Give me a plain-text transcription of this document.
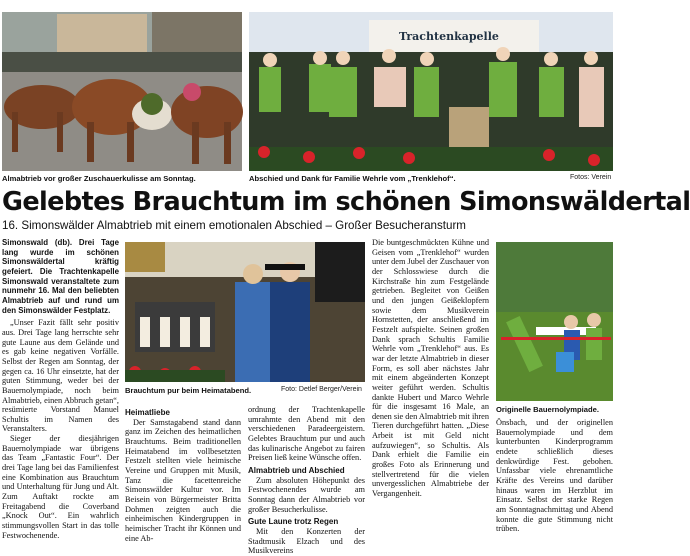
Almabtrieb vor großer Zuschauerkulisse am Sonntag.
Trachtenkapelle
Abschied und Dank für Familie Wehrle vom „Trenklehof“.	Fotos: Verein
Gelebtes Brauchtum im schönen Simonswäldertal
16. Simonswälder Almabtrieb mit einem emotionalen Abschied – Großer Besucheransturm

Simonswald (db). Drei Tage lang wurde im schönen Simonswäldertal kräftig gefeiert. Die Trachtenkapelle Simonswald veranstaltete zum nunmehr 16. Mal den beliebten Almabtrieb auf und rund um den Simonswälder Festplatz.

„Unser Fazit fällt sehr positiv aus. Drei Tage lang herrschte sehr gute Laune aus dem Gelände und es gab keine negativen Vorfälle. Selbst der Regen am Sonntag, der gegen ca. 16 Uhr einsetzte, hat der guten Stimmung, weder bei der Bauernolympiade, noch beim Almabtrieb, einen Abbruch getan“, resümierte Vorstand Manuel Schultis im Namen des Veranstalters.

Sieger der diesjährigen Bauernolympiade war übrigens das Team „Fantastic Four“. Der drei Tage lang bei das Familienfest eine Kombination aus Brauchtum und Unterhaltung für Jung und Alt. Zum Auftakt rockte am Freitagabend die Coverband „Knock Out“. Ein wahrlich stimmungsvollen Start in das tolle Festwochenende.

Brauchtum pur beim Heimatabend.	Foto: Detlef Berger/Verein

Heimatliebe

Der Samstagabend stand dann ganz im Zeichen des heimatlichen Brauchtums. Beim traditionellen Heimatabend im vollbesetzten Festzelt stellten viele heimische Vereine und Gruppen mit Musik, Tanz die facettenreiche Simonswälder Kultur vor. Im Beisein von Bürgermeister Britta Dohmen zeigten auch die einheimischen Kindergruppen in heimischer Tracht ihr Können und eine Ab-

ordnung der Trachtenkapelle umrahmte den Abend mit den verschiedenen Paradeergeistern. Gelebtes Brauchtum pur und auch das kulinarische Angebot zu fairen Preisen ließ keine Wünsche offen.

Almabtrieb und Abschied

Zum absoluten Höhepunkt des Festwochenendes wurde am Sonntag dann der Almabtrieb vor großer Besucherkulisse.

Gute Laune trotz Regen

Mit den Konzerten der Stadtmusik Elzach und des Musikvereins

Die buntgeschmückten Kühne und Geisen vom „Trenklehof“ wurden unter dem Jubel der Zuschauer von der Schlosswiese durch die Kirchstraße hin zum Festgelände getrieben. Begleitet von Geißen und den jungen Geißeklopfern sowie dem Musikverein Hornstetten, der anschließend im Festzelt aufspielte. Seinen großen Dank sprach Schultis Familie Wehrle vom „Trenklehof“ aus. Es war der letzte Almabtrieb in dieser Form, es soll aber nächstes Jahr mit einem abgeänderten Konzept weiter geführt werden. Schultis dankte Hubert und Marco Wehrle für die insgesamt 16 Male, an denen sie den Almabtrieb mit ihren Tieren durchgeführt hatten. „Diese Arbeit ist mit Geld nicht aufzuwiegen“, so Schultis. Als Dank erhielt die Familie ein großes Foto als Erinnerung und stellvertretend für die vielen unvergesslichen Almabtriebe der Vergangenheit.

Originelle Bauernolympiade.

Önsbach, und der originellen Bauernolympiade und dem kunterbunten Kinderprogramm endete schließlich dieses denkwürdige Fest. gebohen. Unfassbar viele ehrenamtliche Kräfte des Vereins und darüber hinaus waren im Herzblut im Einsatz. Selbst der starke Regen am Sonntagnachmittag und Abend konnte die gute Stimmung nicht trüben.
